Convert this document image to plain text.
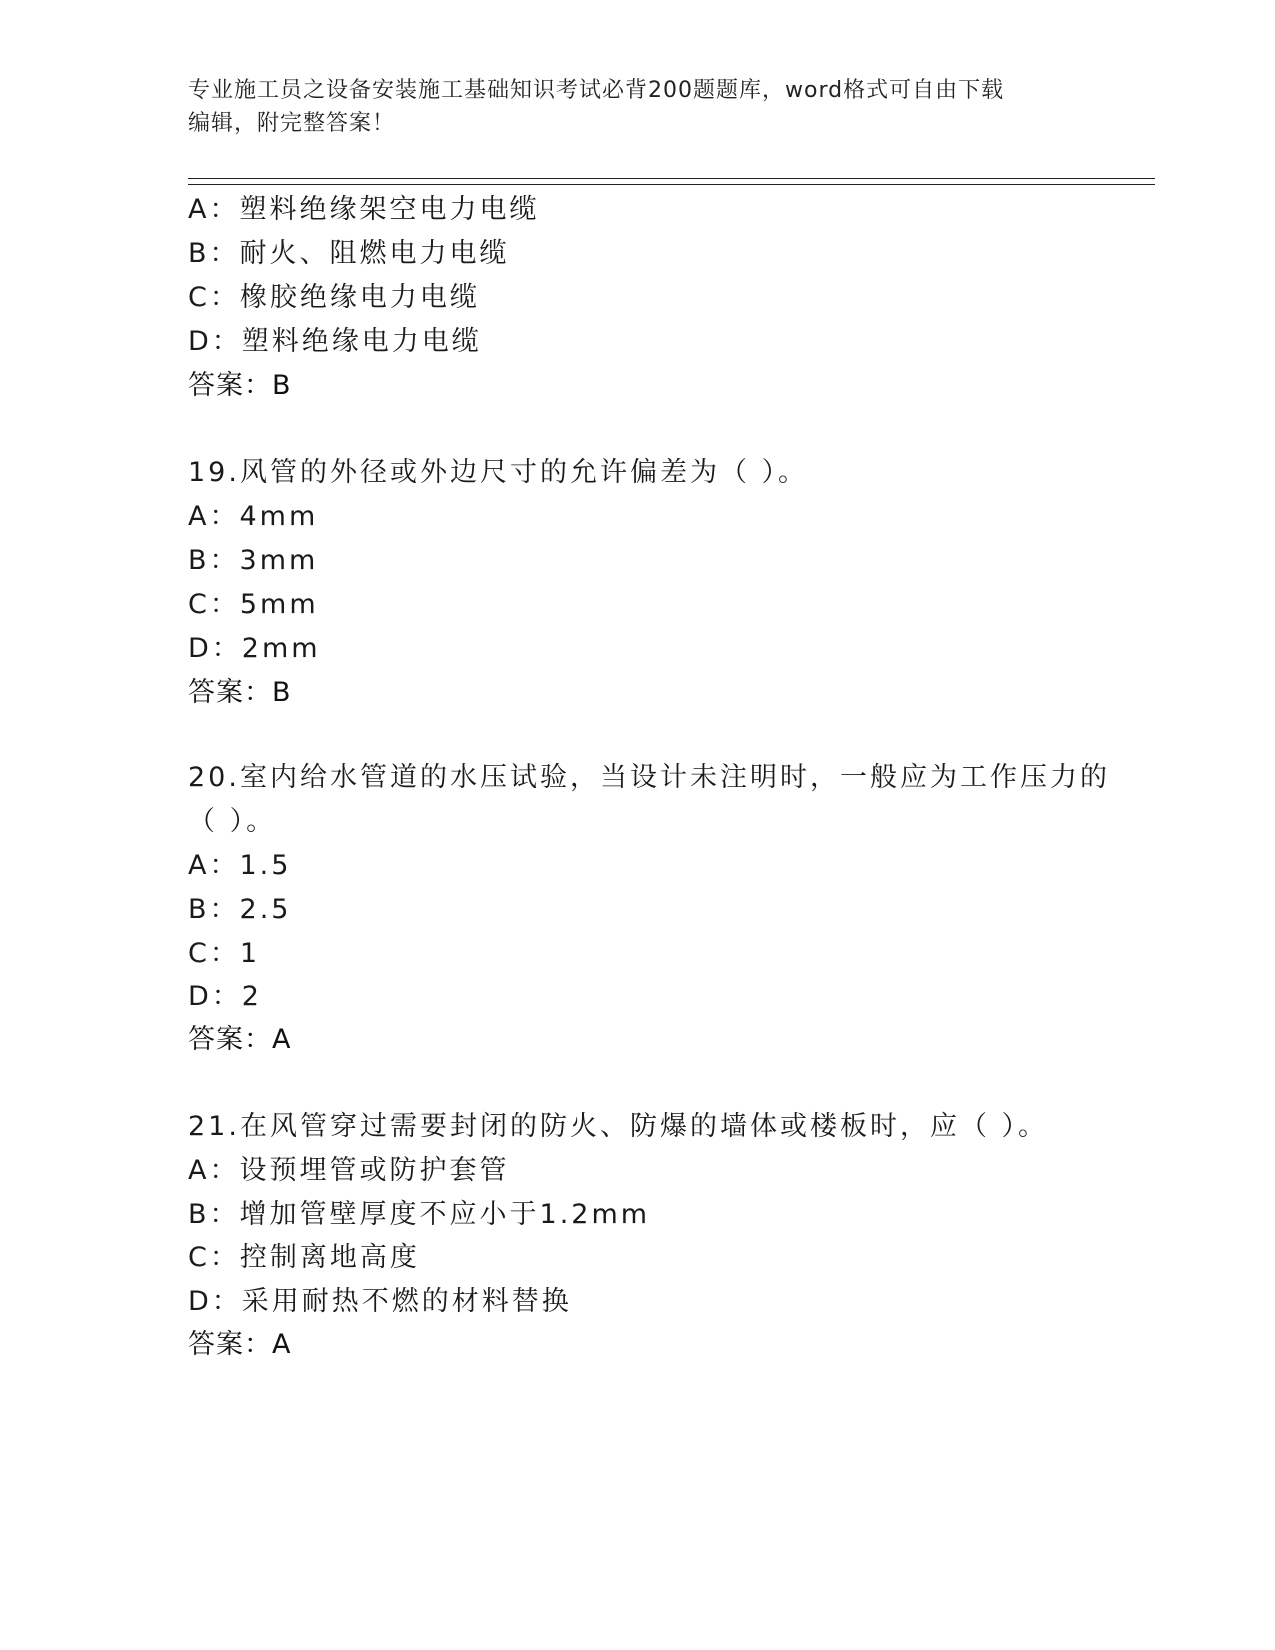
专业施工员之设备安装施工基础知识考试必背200题题库，word格式可自由下载
编辑，附完整答案！
A：塑料绝缘架空电力电缆
B：耐火、阻燃电力电缆
C：橡胶绝缘电力电缆
D：塑料绝缘电力电缆
答案：B
19.风管的外径或外边尺寸的允许偏差为（ ）。
A：4mm
B：3mm
C：5mm
D：2mm
答案：B
20.室内给水管道的水压试验，当设计未注明时，一般应为工作压力的
（ ）。
A：1.5
B：2.5
C：1
D：2
答案：A
21.在风管穿过需要封闭的防火、防爆的墙体或楼板时，应（ ）。
A：设预埋管或防护套管
B：增加管壁厚度不应小于1.2mm
C：控制离地高度
D：采用耐热不燃的材料替换
答案：A
